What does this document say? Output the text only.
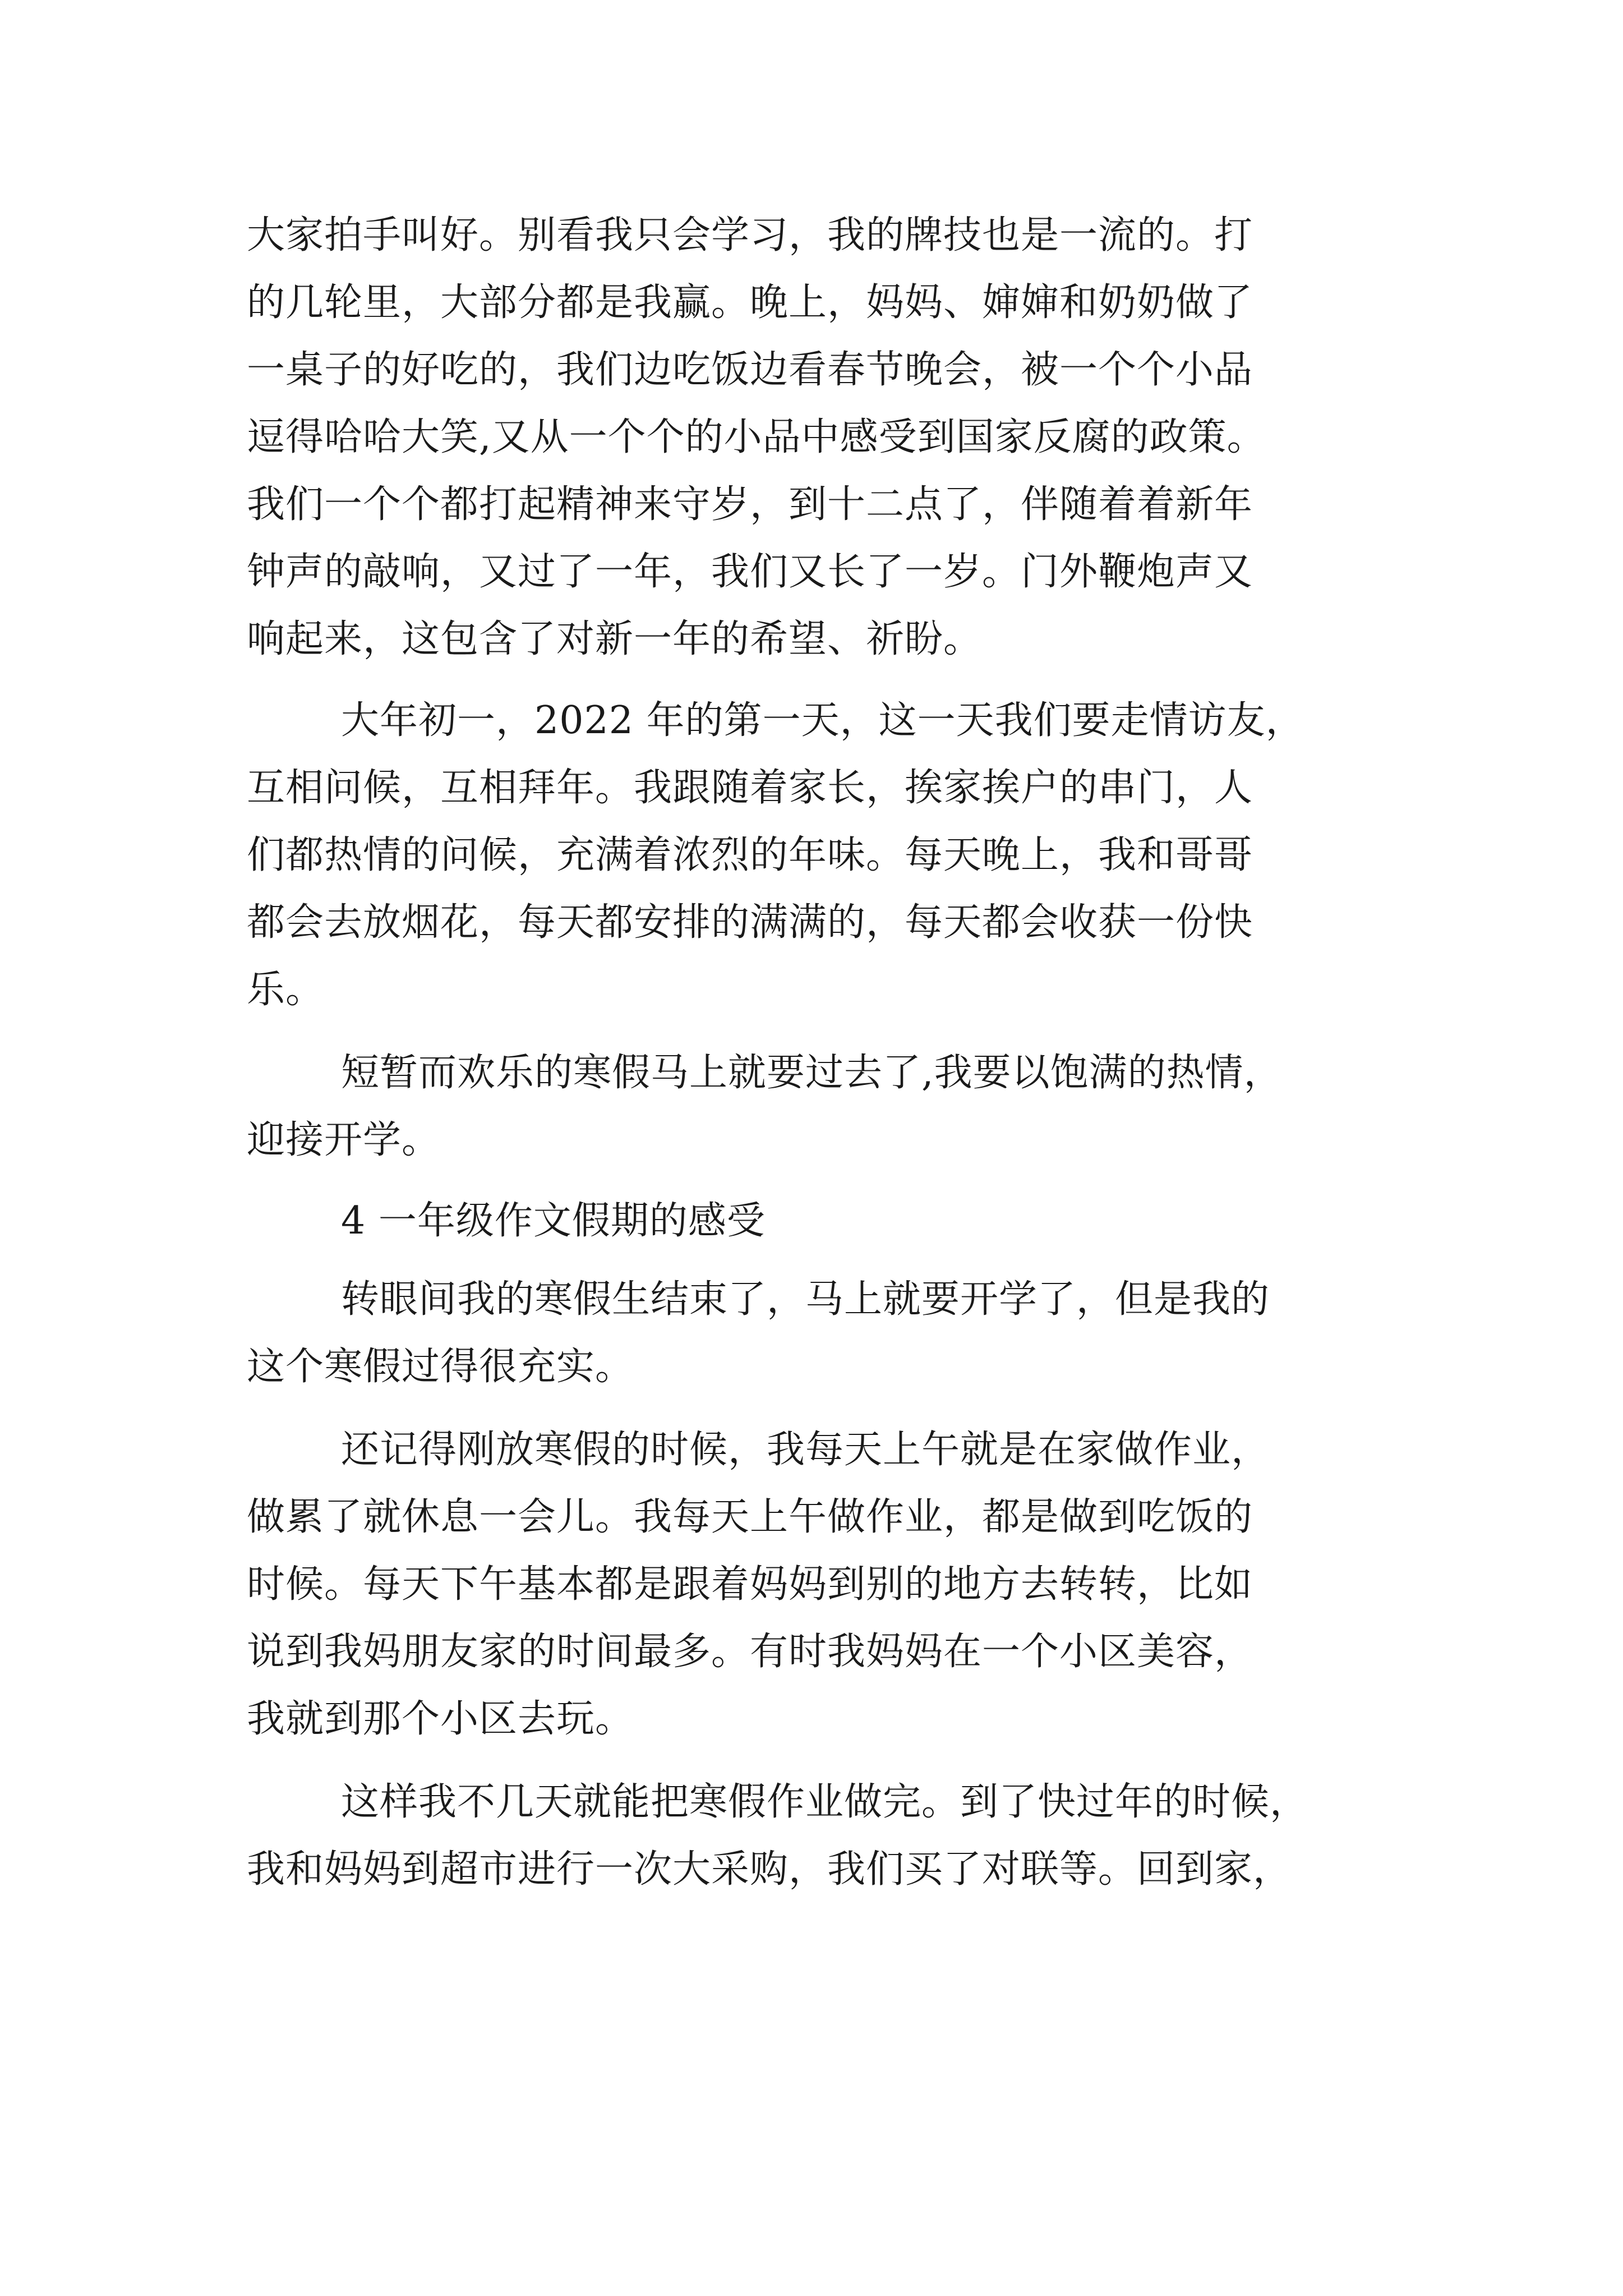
大家拍手叫好。别看我只会学习，我的牌技也是一流的。打

的几轮里，大部分都是我赢。晚上，妈妈、婶婶和奶奶做了

一桌子的好吃的，我们边吃饭边看春节晚会，被一个个小品

逗得哈哈大笑,又从一个个的小品中感受到国家反腐的政策。

我们一个个都打起精神来守岁，到十二点了，伴随着着新年

钟声的敲响，又过了一年，我们又长了一岁。门外鞭炮声又

响起来，这包含了对新一年的希望、祈盼。

大年初一，2022 年的第一天，这一天我们要走情访友，

互相问候，互相拜年。我跟随着家长，挨家挨户的串门，人

们都热情的问候，充满着浓烈的年味。每天晚上，我和哥哥

都会去放烟花，每天都安排的满满的，每天都会收获一份快

乐。

短暂而欢乐的寒假马上就要过去了,我要以饱满的热情，

迎接开学。

4 一年级作文假期的感受

转眼间我的寒假生结束了，马上就要开学了，但是我的

这个寒假过得很充实。

还记得刚放寒假的时候，我每天上午就是在家做作业，

做累了就休息一会儿。我每天上午做作业，都是做到吃饭的

时候。每天下午基本都是跟着妈妈到别的地方去转转，比如

说到我妈朋友家的时间最多。有时我妈妈在一个小区美容，

我就到那个小区去玩。

这样我不几天就能把寒假作业做完。到了快过年的时候，

我和妈妈到超市进行一次大采购，我们买了对联等。回到家，
